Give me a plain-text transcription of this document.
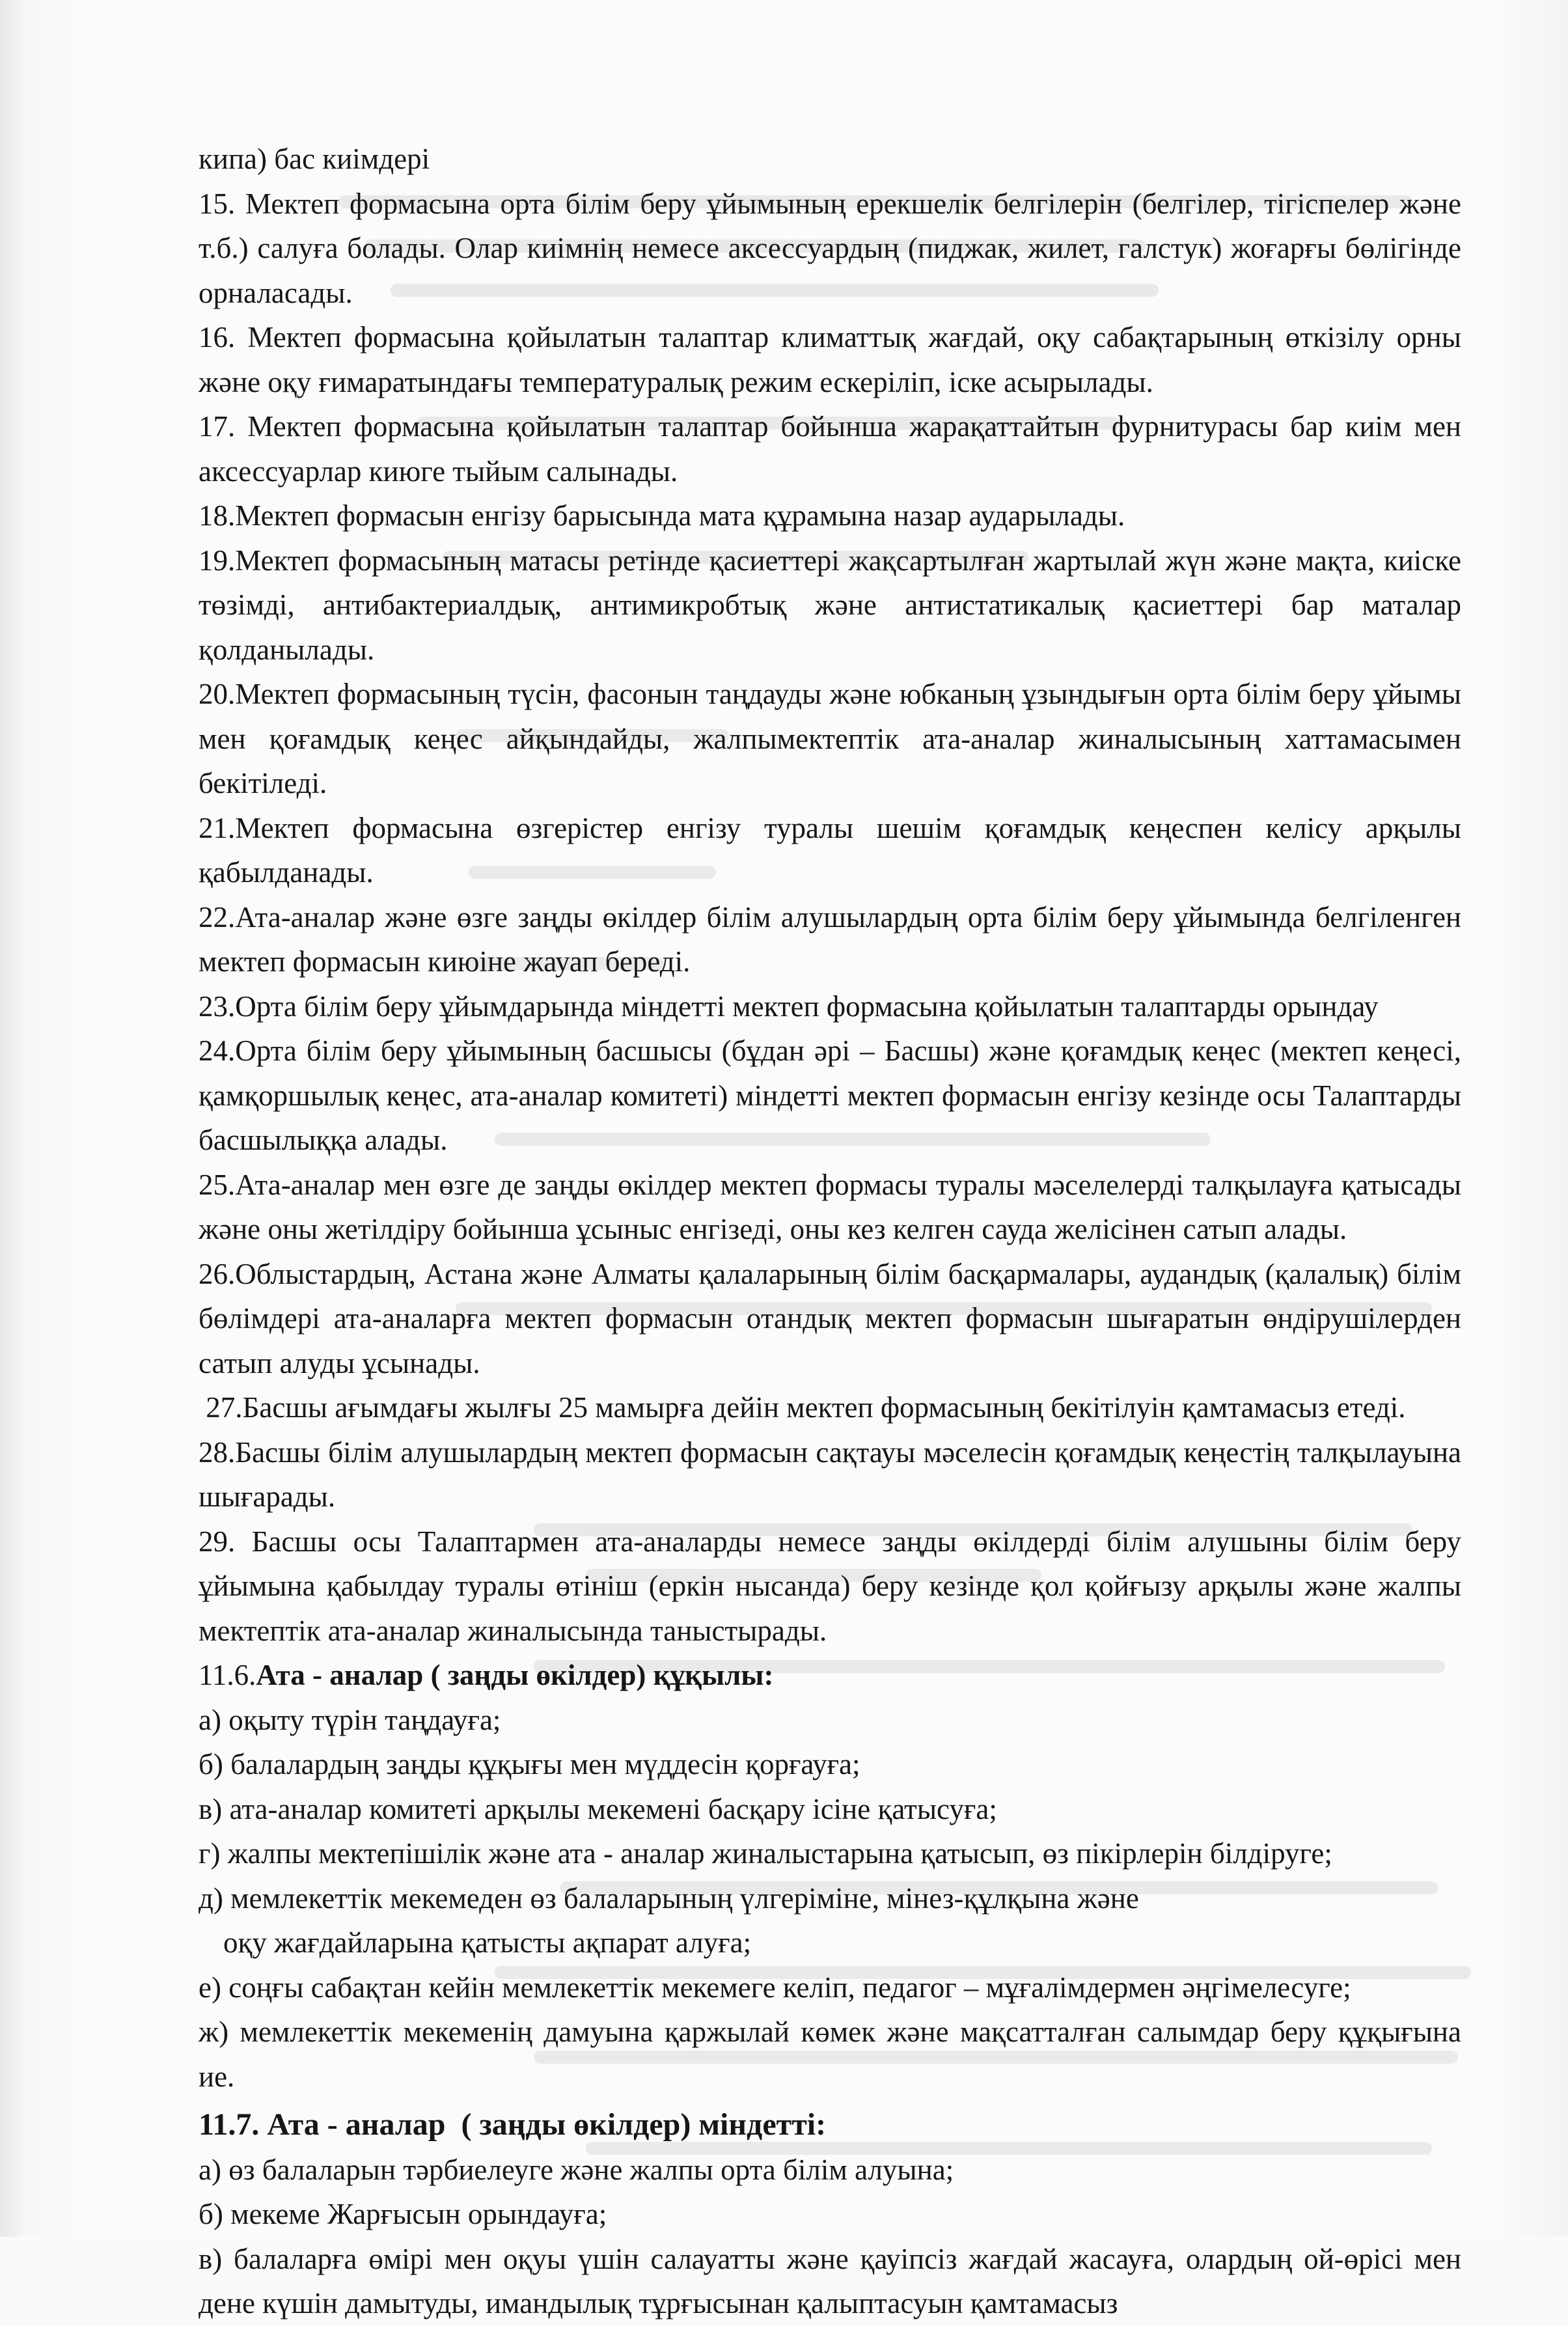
кипа) бас киімдері

15. Мектеп формасына орта білім беру ұйымының ерекшелік белгілерін (белгілер, тігіспелер және т.б.) салуға болады. Олар киімнің немесе аксессуардың (пиджак, жилет, галстук) жоғарғы бөлігінде орналасады.

16. Мектеп формасына қойылатын талаптар климаттық жағдай, оқу сабақтарының өткізілу орны және оқу ғимаратындағы температуралық режим ескеріліп, іске асырылады.

17. Мектеп формасына қойылатын талаптар бойынша жарақаттайтын фурнитурасы бар киім мен аксессуарлар киюге тыйым салынады.

18.Мектеп формасын енгізу барысында мата құрамына назар аударылады.

19.Мектеп формасының матасы ретінде қасиеттері жақсартылған жартылай жүн және мақта, киіске төзімді, антибактериалдық, антимикробтық және антистатикалық қасиеттері бар маталар қолданылады.

20.Мектеп формасының түсін, фасонын таңдауды және юбканың ұзындығын орта білім беру ұйымы мен қоғамдық кеңес айқындайды, жалпымектептік ата-аналар жиналысының хаттамасымен бекітіледі.

21.Мектеп формасына өзгерістер енгізу туралы шешім қоғамдық кеңеспен келісу арқылы қабылданады.

22.Ата-аналар және өзге заңды өкілдер білім алушылардың орта білім беру ұйымында белгіленген мектеп формасын киюіне жауап береді.

23.Орта білім беру ұйымдарында міндетті мектеп формасына қойылатын талаптарды орындау

24.Орта білім беру ұйымының басшысы (бұдан әрі – Басшы) және қоғамдық кеңес (мектеп кеңесі, қамқоршылық кеңес, ата-аналар комитеті) міндетті мектеп формасын енгізу кезінде осы Талаптарды басшылыққа алады.

25.Ата-аналар мен өзге де заңды өкілдер мектеп формасы туралы мәселелерді талқылауға қатысады және оны жетілдіру бойынша ұсыныс енгізеді, оны кез келген сауда желісінен сатып алады.

26.Облыстардың, Астана және Алматы қалаларының білім басқармалары, аудандық (қалалық) білім бөлімдері ата-аналарға мектеп формасын отандық мектеп формасын шығаратын өндірушілерден сатып алуды ұсынады.

27.Басшы ағымдағы жылғы 25 мамырға дейін мектеп формасының бекітілуін қамтамасыз етеді.

28.Басшы білім алушылардың мектеп формасын сақтауы мәселесін қоғамдық кеңестің талқылауына шығарады.

29. Басшы осы Талаптармен ата-аналарды немесе заңды өкілдерді білім алушыны білім беру ұйымына қабылдау туралы өтініш (еркін нысанда) беру кезінде қол қойғызу арқылы және жалпы мектептік ата-аналар жиналысында таныстырады.

11.6.Ата - аналар ( заңды өкілдер) құқылы:

а) оқыту түрін таңдауға;

б) балалардың заңды құқығы мен мүддесін қорғауға;

в) ата-аналар комитеті арқылы мекемені басқару ісіне қатысуға;

г) жалпы мектепішілік және ата - аналар жиналыстарына қатысып, өз пікірлерін білдіруге;

д) мемлекеттік мекемеден өз балаларының үлгеріміне, мінез-құлқына және

оқу жағдайларына қатысты ақпарат алуға;

е) соңғы сабақтан кейін мемлекеттік мекемеге келіп, педагог – мұғалімдермен әңгімелесуге;

ж) мемлекеттік мекеменің дамуына қаржылай көмек және мақсатталған салымдар беру құқығына ие.

11.7. Ата - аналар  ( заңды өкілдер) міндетті:

а) өз балаларын тәрбиелеуге және жалпы орта білім алуына;

б) мекеме Жарғысын орындауға;

в) балаларға өмірі мен оқуы үшін салауатты және қауіпсіз жағдай жасауға, олардың ой-өрісі мен дене күшін дамытуды, имандылық тұрғысынан қалыптасуын қамтамасыз
